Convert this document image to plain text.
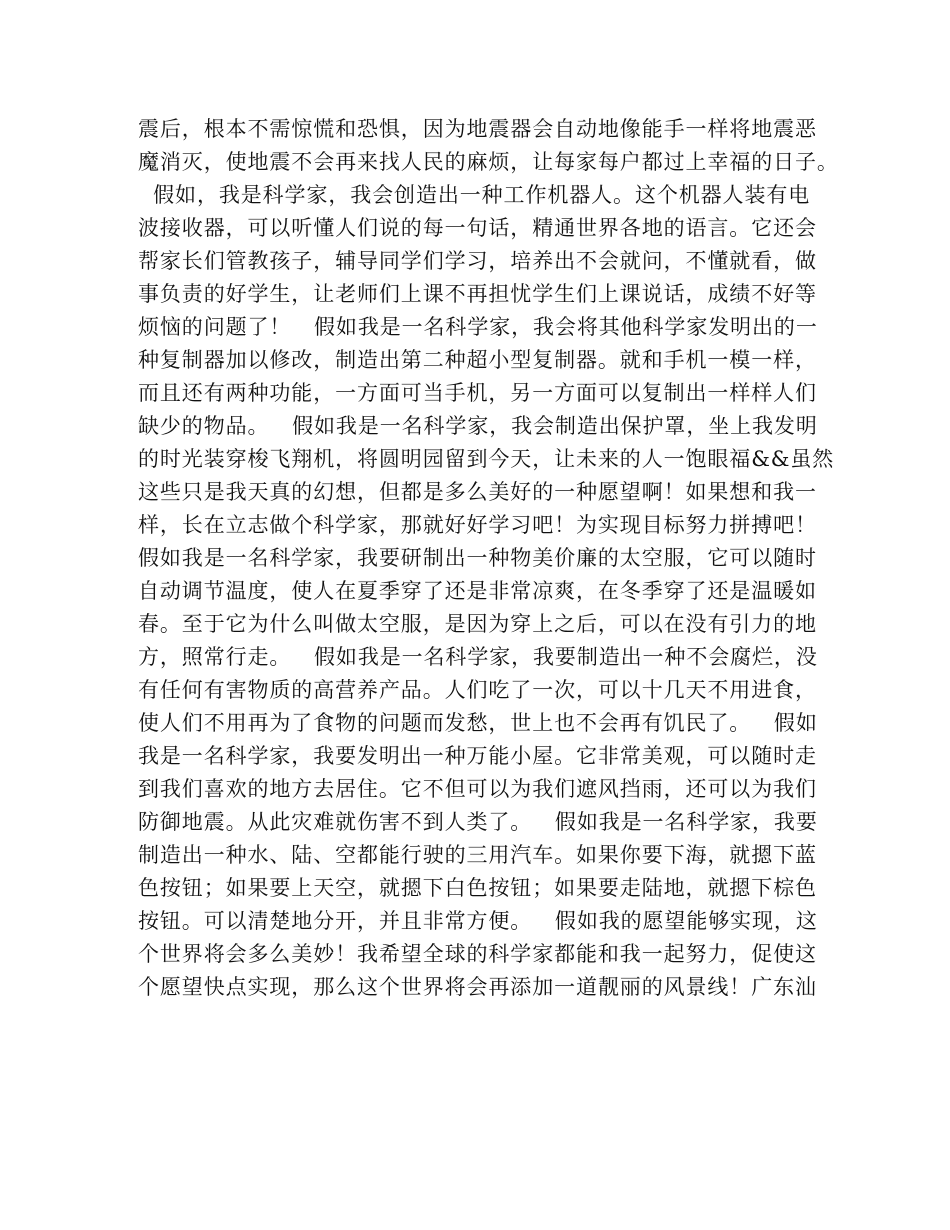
震后，根本不需惊慌和恐惧，因为地震器会自动地像能手一样将地震恶
魔消灭，使地震不会再来找人民的麻烦，让每家每户都过上幸福的日子。
假如，我是科学家，我会创造出一种工作机器人。这个机器人装有电
波接收器，可以听懂人们说的每一句话，精通世界各地的语言。它还会
帮家长们管教孩子，辅导同学们学习，培养出不会就问，不懂就看，做
事负责的好学生，让老师们上课不再担忧学生们上课说话，成绩不好等
烦恼的问题了！   假如我是一名科学家，我会将其他科学家发明出的一
种复制器加以修改，制造出第二种超小型复制器。就和手机一模一样，
而且还有两种功能，一方面可当手机，另一方面可以复制出一样样人们
缺少的物品。   假如我是一名科学家，我会制造出保护罩，坐上我发明
的时光装穿梭飞翔机，将圆明园留到今天，让未来的人一饱眼福&&虽然
这些只是我天真的幻想，但都是多么美好的一种愿望啊！如果想和我一
样，长在立志做个科学家，那就好好学习吧！为实现目标努力拼搏吧！
假如我是一名科学家，我要研制出一种物美价廉的太空服，它可以随时
自动调节温度，使人在夏季穿了还是非常凉爽，在冬季穿了还是温暖如
春。至于它为什么叫做太空服，是因为穿上之后，可以在没有引力的地
方，照常行走。   假如我是一名科学家，我要制造出一种不会腐烂，没
有任何有害物质的高营养产品。人们吃了一次，可以十几天不用进食，
使人们不用再为了食物的问题而发愁，世上也不会再有饥民了。   假如
我是一名科学家，我要发明出一种万能小屋。它非常美观，可以随时走
到我们喜欢的地方去居住。它不但可以为我们遮风挡雨，还可以为我们
防御地震。从此灾难就伤害不到人类了。   假如我是一名科学家，我要
制造出一种水、陆、空都能行驶的三用汽车。如果你要下海，就摁下蓝
色按钮；如果要上天空，就摁下白色按钮；如果要走陆地，就摁下棕色
按钮。可以清楚地分开，并且非常方便。   假如我的愿望能够实现，这
个世界将会多么美妙！我希望全球的科学家都能和我一起努力，促使这
个愿望快点实现，那么这个世界将会再添加一道靓丽的风景线！广东汕
